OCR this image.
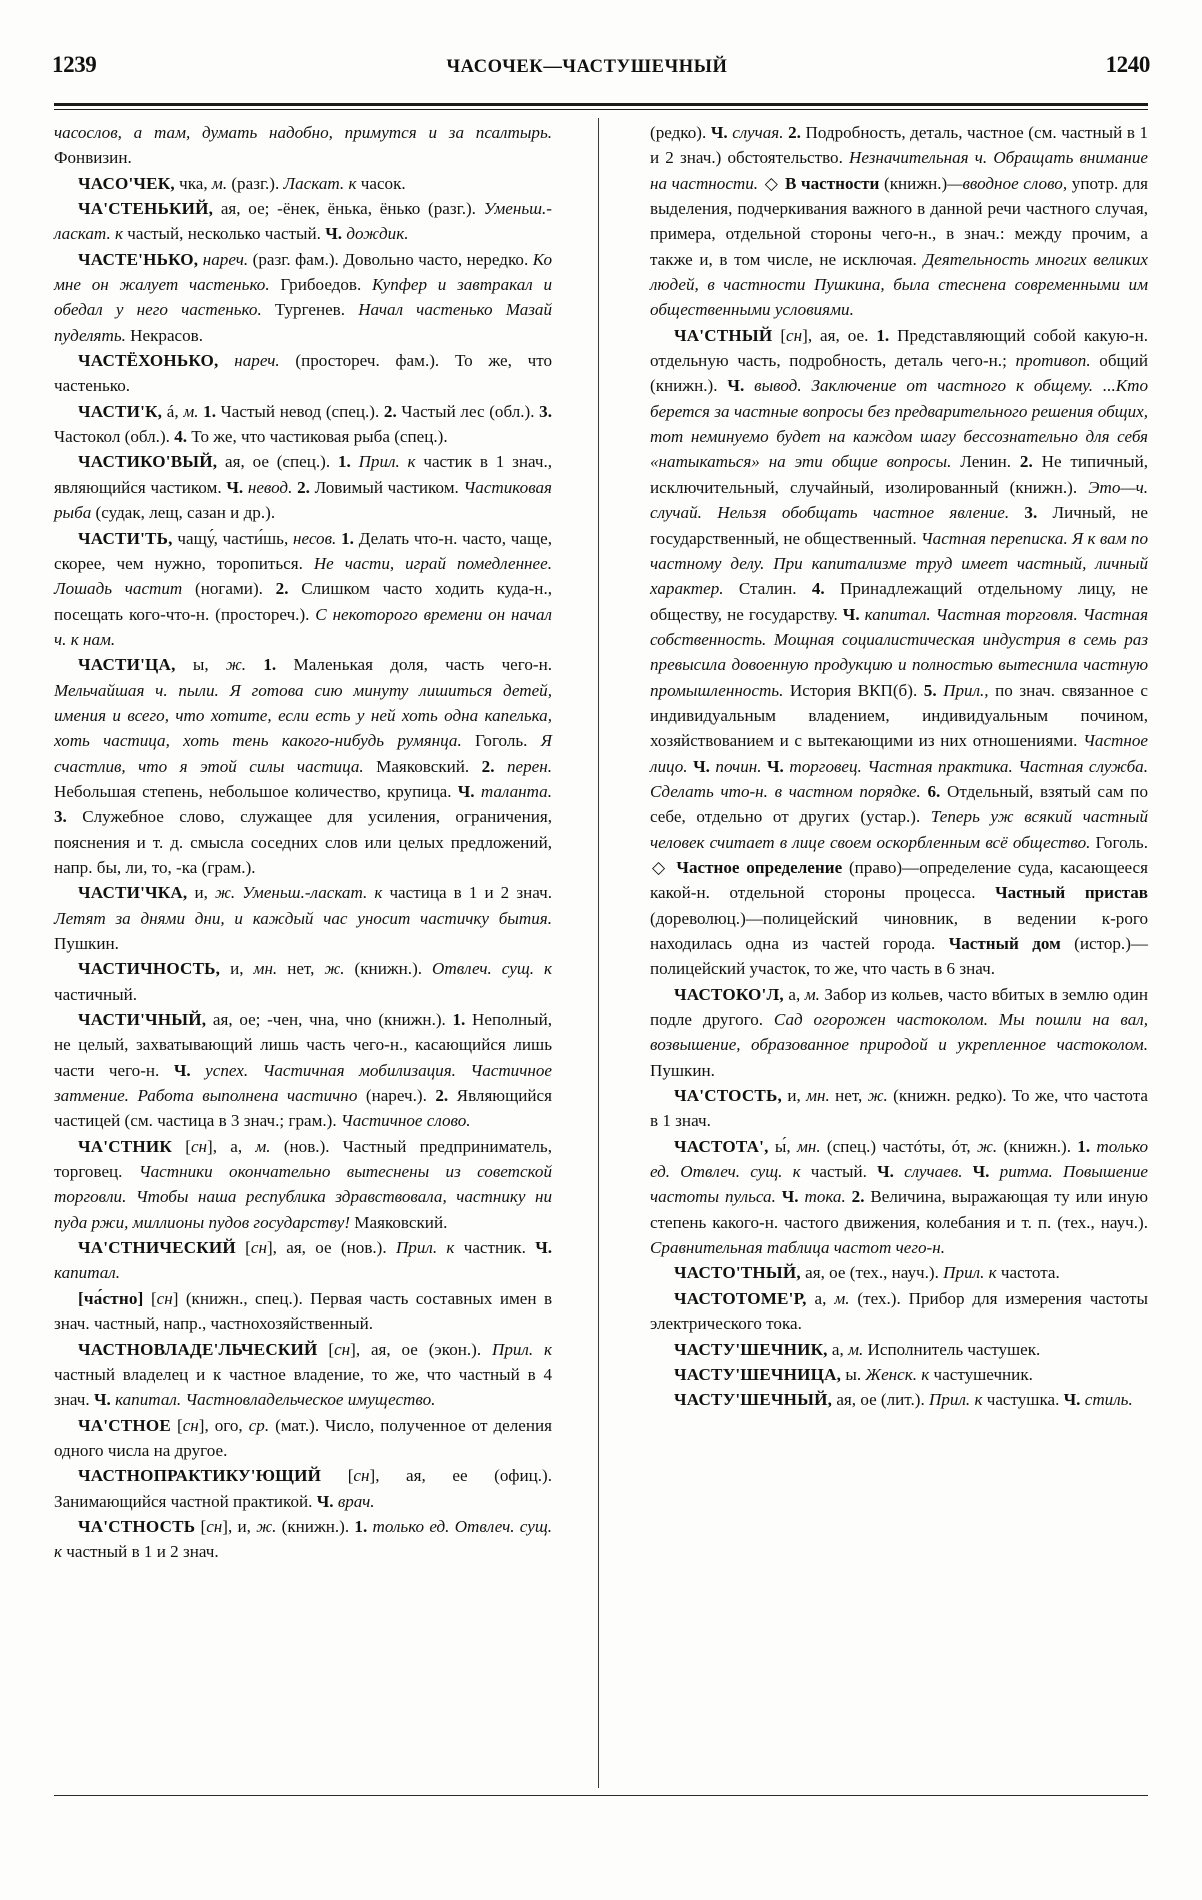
1239	ЧАСОЧЕК—ЧАСТУШЕЧНЫЙ	1240

часослов, а там, думать надобно, примутся и за псалтырь. Фонвизин.

ЧАСО'ЧЕК, чка, м. (разг.). Ласкат. к часок.

ЧА'СТЕНЬКИЙ, ая, ое; -ёнек, ёнька, ёнько (разг.). Уменьш.-ласкат. к частый, несколько частый. Ч. дождик.

ЧАСТЕ'НЬКО, нареч. (разг. фам.). Довольно часто, нередко. Ко мне он жалует частенько. Грибоедов. Купфер и завтракал и обедал у него частенько. Тургенев. Начал частенько Мазай пуделять. Некрасов.

ЧАСТЁХОНЬКО, нареч. (простореч. фам.). То же, что частенько.

ЧАСТИ'К, á, м. 1. Частый невод (спец.). 2. Частый лес (обл.). 3. Частокол (обл.). 4. То же, что частиковая рыба (спец.).

ЧАСТИКО'ВЫЙ, ая, ое (спец.). 1. Прил. к частик в 1 знач., являющийся частиком. Ч. невод. 2. Ловимый частиком. Частиковая рыба (судак, лещ, сазан и др.).

ЧАСТИ'ТЬ, чащу́, части́шь, несов. 1. Делать что-н. часто, чаще, скорее, чем нужно, торопиться. Не части, играй помедленнее. Лошадь частит (ногами). 2. Слишком часто ходить куда-н., посещать кого-что-н. (простореч.). С некоторого времени он начал ч. к нам.

ЧАСТИ'ЦА, ы, ж. 1. Маленькая доля, часть чего-н. Мельчайшая ч. пыли. Я готова сию минуту лишиться детей, имения и всего, что хотите, если есть у ней хоть одна капелька, хоть частица, хоть тень какого-нибудь румянца. Гоголь. Я счастлив, что я этой силы частица. Маяковский. 2. перен. Небольшая степень, небольшое количество, крупица. Ч. таланта. 3. Служебное слово, служащее для усиления, ограничения, пояснения и т. д. смысла соседних слов или целых предложений, напр. бы, ли, то, -ка (грам.).

ЧАСТИ'ЧКА, и, ж. Уменьш.-ласкат. к частица в 1 и 2 знач. Летят за днями дни, и каждый час уносит частичку бытия. Пушкин.

ЧАСТИЧНОСТЬ, и, мн. нет, ж. (книжн.). Отвлеч. сущ. к частичный.

ЧАСТИ'ЧНЫЙ, ая, ое; -чен, чна, чно (книжн.). 1. Неполный, не целый, захватывающий лишь часть чего-н., касающийся лишь части чего-н. Ч. успех. Частичная мобилизация. Частичное затмение. Работа выполнена частично (нареч.). 2. Являющийся частицей (см. частица в 3 знач.; грам.). Частичное слово.

ЧА'СТНИК [сн], а, м. (нов.). Частный предприниматель, торговец. Частники окончательно вытеснены из советской торговли. Чтобы наша республика здравствовала, частнику ни пуда ржи, миллионы пудов государству! Маяковский.

ЧА'СТНИЧЕСКИЙ [сн], ая, ое (нов.). Прил. к частник. Ч. капитал.

[ча́стно] [сн] (книжн., спец.). Первая часть составных имен в знач. частный, напр., частнохозяйственный.

ЧАСТНОВЛАДЕ'ЛЬЧЕСКИЙ [сн], ая, ое (экон.). Прил. к частный владелец и к частное владение, то же, что частный в 4 знач. Ч. капитал. Частновладельческое имущество.

ЧА'СТНОЕ [сн], ого, ср. (мат.). Число, полученное от деления одного числа на другое.

ЧАСТНОПРАКТИКУ'ЮЩИЙ [сн], ая, ее (офиц.). Занимающийся частной практикой. Ч. врач.

ЧА'СТНОСТЬ [сн], и, ж. (книжн.). 1. только ед. Отвлеч. сущ. к частный в 1 и 2 знач.

(редко). Ч. случая. 2. Подробность, деталь, частное (см. частный в 1 и 2 знач.) обстоятельство. Незначительная ч. Обращать внимание на частности. ◇ В частности (книжн.)—вводное слово, употр. для выделения, подчеркивания важного в данной речи частного случая, примера, отдельной стороны чего-н., в знач.: между прочим, а также и, в том числе, не исключая. Деятельность многих великих людей, в частности Пушкина, была стеснена современными им общественными условиями.

ЧА'СТНЫЙ [сн], ая, ое. 1. Представляющий собой какую-н. отдельную часть, подробность, деталь чего-н.; противоп. общий (книжн.). Ч. вывод. Заключение от частного к общему. ...Кто берется за частные вопросы без предварительного решения общих, тот неминуемо будет на каждом шагу бессознательно для себя «натыкаться» на эти общие вопросы. Ленин. 2. Не типичный, исключительный, случайный, изолированный (книжн.). Это—ч. случай. Нельзя обобщать частное явление. 3. Личный, не государственный, не общественный. Частная переписка. Я к вам по частному делу. При капитализме труд имеет частный, личный характер. Сталин. 4. Принадлежащий отдельному лицу, не обществу, не государству. Ч. капитал. Частная торговля. Частная собственность. Мощная социалистическая индустрия в семь раз превысила довоенную продукцию и полностью вытеснила частную промышленность. История ВКП(б). 5. Прил., по знач. связанное с индивидуальным владением, индивидуальным почином, хозяйствованием и с вытекающими из них отношениями. Частное лицо. Ч. почин. Ч. торговец. Частная практика. Частная служба. Сделать что-н. в частном порядке. 6. Отдельный, взятый сам по себе, отдельно от других (устар.). Теперь уж всякий частный человек считает в лице своем оскорбленным всё общество. Гоголь. ◇ Частное определение (право)—определение суда, касающееся какой-н. отдельной стороны процесса. Частный пристав (дореволюц.)—полицейский чиновник, в ведении к-рого находилась одна из частей города. Частный дом (истор.)—полицейский участок, то же, что часть в 6 знач.

ЧАСТОКО'Л, а, м. Забор из кольев, часто вбитых в землю один подле другого. Сад огорожен частоколом. Мы пошли на вал, возвышение, образованное природой и укрепленное частоколом. Пушкин.

ЧА'СТОСТЬ, и, мн. нет, ж. (книжн. редко). То же, что частота в 1 знач.

ЧАСТОТА', ы́, мн. (спец.) частóты, óт, ж. (книжн.). 1. только ед. Отвлеч. сущ. к частый. Ч. случаев. Ч. ритма. Повышение частоты пульса. Ч. тока. 2. Величина, выражающая ту или иную степень какого-н. частого движения, колебания и т. п. (тех., науч.). Сравнительная таблица частот чего-н.

ЧАСТО'ТНЫЙ, ая, ое (тех., науч.). Прил. к частота.

ЧАСТОТОМЕ'Р, а, м. (тех.). Прибор для измерения частоты электрического тока.

ЧАСТУ'ШЕЧНИК, а, м. Исполнитель частушек.

ЧАСТУ'ШЕЧНИЦА, ы. Женск. к частушечник.

ЧАСТУ'ШЕЧНЫЙ, ая, ое (лит.). Прил. к частушка. Ч. стиль.
